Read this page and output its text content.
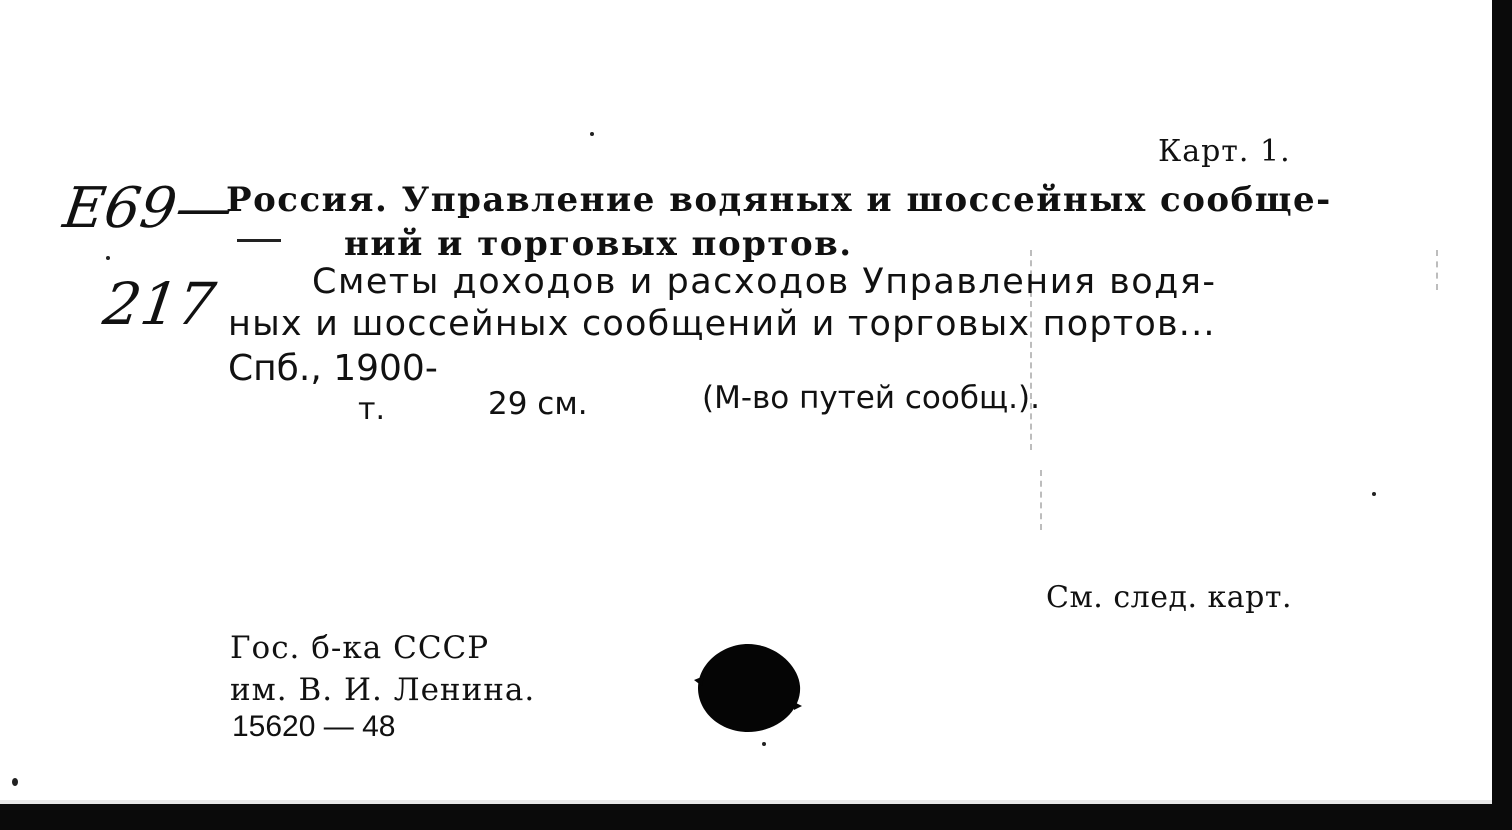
Карт. 1.
Е69—
217
Россия. Управление водяных и шоссейных сообще-
ний и торговых портов.
Сметы доходов и расходов Управления водя-
ных и шоссейных сообщений и торговых портов...
Спб., 1900-
т.	29 см.	(М-во путей сообщ.).
См. след. карт.
Гос. б-ка СССР
им. В. И. Ленина.
15620 — 48
